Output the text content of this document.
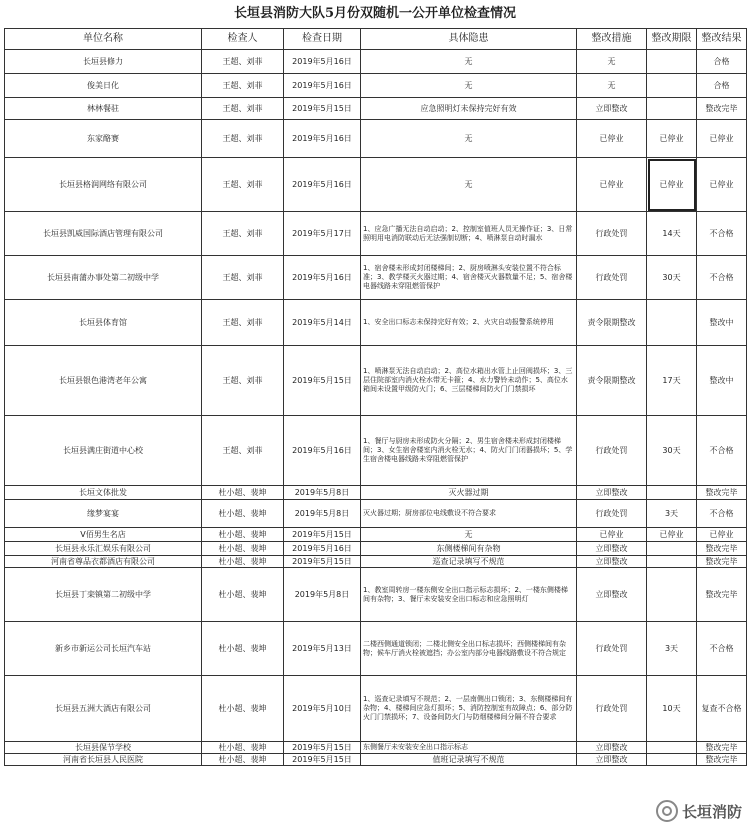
长垣县消防大队5月份双随机一公开单位检查情况
单位名称	检查人	检查日期	具体隐患	整改措施	整改期限	整改结果
长垣县修力	王超、刘菲	2019年5月16日	无	无		合格
俊美日化	王超、刘菲	2019年5月16日	无	无		合格
林林餐驻	王超、刘菲	2019年5月15日	应急照明灯未保持完好有效	立即整改		整改完毕
东家酪赛	王超、刘菲	2019年5月16日	无	已停业	已停业	已停业
长垣县格润网络有限公司	王超、刘菲	2019年5月16日	无	已停业	已停业	已停业
长垣县凯威国际酒店管理有限公司	王超、刘菲	2019年5月17日	1、应急广播无法自动启动；2、控制室值班人员无操作证；3、日常照明用电消防联动后无法强制切断；4、喷淋泵自动时漏水	行政处罚	14天	不合格
长垣县南蒲办事处第二初级中学	王超、刘菲	2019年5月16日	1、宿舍楼未形成封闭楼梯间；2、厨房喷淋头安装位置不符合标准；3、教学楼灭火器过期；4、宿舍楼灭火器数量不足；5、宿舍楼电器线路未穿阻燃管保护	行政处罚	30天	不合格
长垣县体育馆	王超、刘菲	2019年5月14日	1、安全出口标志未保持完好有效；2、火灾自动报警系统停用	责令限期整改		整改中
长垣县银色港湾老年公寓	王超、刘菲	2019年5月15日	1、喷淋泵无法自动启动；2、高位水箱出水管上止回阀损坏；3、三层住院部室内消火栓水带无卡箍；4、水力警铃未动作；5、高位水箱间未设置甲级防火门；6、三层楼梯间防火门门禁损坏	责令限期整改	17天	整改中
长垣县满庄街道中心校	王超、刘菲	2019年5月16日	1、餐厅与厨房未形成防火分隔；2、男生宿舍楼未形成封闭楼梯间；3、女生宿舍楼室内消火栓无水；4、防火门门闭器损坏；5、学生宿舍楼电器线路未穿阻燃管保护	行政处罚	30天	不合格
长垣文体批发	杜小超、裴坤	2019年5月8日	灭火器过期	立即整改		整改完毕
缘梦宴宴	杜小超、裴坤	2019年5月8日	灭火器过期；厨房部位电线敷设不符合要求	行政处罚	3天	不合格
V佰男生名店	杜小超、裴坤	2019年5月15日	无	已停业	已停业	已停业
长垣县永乐汇娱乐有限公司	杜小超、裴坤	2019年5月16日	东侧楼梯间有杂物	立即整改		整改完毕
河南省尊品衣都酒店有限公司	杜小超、裴坤	2019年5月15日	巡查记录填写不规范	立即整改		整改完毕
长垣县丁栾镇第二初级中学	杜小超、裴坤	2019年5月8日	1、教室周转房一楼东侧安全出口指示标志损坏；2、一楼东侧楼梯间有杂物；3、餐厅未安装安全出口标志和应急照明灯	立即整改		整改完毕
新乡市新运公司长垣汽车站	杜小超、裴坤	2019年5月13日	二楼西侧通道锁闭；二楼北侧安全出口标志损坏；西侧楼梯间有杂物；候车厅消火栓被遮挡；办公室内部分电器线路敷设不符合规定	行政处罚	3天	不合格
长垣县五洲大酒店有限公司	杜小超、裴坤	2019年5月10日	1、巡查记录填写不规范；2、一层南侧出口锁闭；3、东侧楼梯间有杂物；4、楼梯间应急灯损坏；5、消防控制室有故障点；6、部分防火门门禁损坏；7、设备间防火门与防烟楼梯间分隔不符合要求	行政处罚	10天	复查不合格
长垣县保节学校	杜小超、裴坤	2019年5月15日	东侧餐厅未安装安全出口指示标志	立即整改		整改完毕
河南省长垣县人民医院	杜小超、裴坤	2019年5月15日	值班记录填写不规范	立即整改		整改完毕
长垣消防
